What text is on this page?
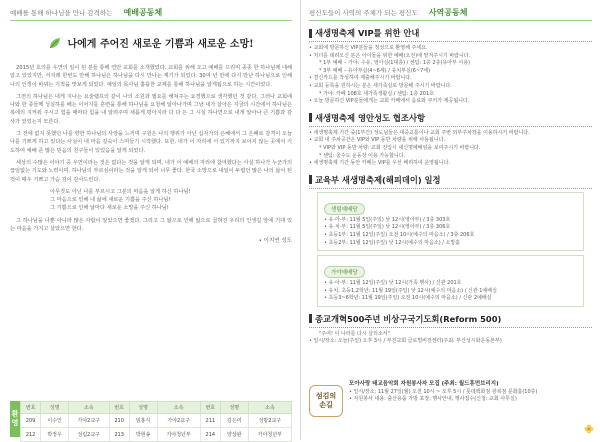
예배를 통해 하나님을 만나 감격하는
예배공동체
나에게 주어진 새로운 기쁨과 새로운 소망!

2015년 호의를 우연의 일이 된 분들 통해 연안 교회를 소개했었다. 교회를 위해 오고 예배를 드리며 종종 한 하나님께 대해 알고 있었지만, 서지레 한번도 만해 하나님은 하나님을 다시 만나는 계기가 되었다. 30여 년 만에 다시 만난 하나님으로 인해 나의 인생이 바뀌는 기적을 맛보게 되었다. 예일의 목사님 훌륭한 교제를 통해 하나님을 알게됨으로 하는 시간이었다.

그전의 하나님은 내게 지나는 요술램프의 같이 나의 소원과 필요를 해쳐주는 요경했으로 생각했던 것 같다. 그러나 교회에 나와 한 종들께 성실하를 배는 이어지를 훈련을 통해 하나님을 요청해 알아나가며 그냥 내가 살아온 지금의 시간에서 하나님은 복에의 지켜줘 주시고 힘을 때마다 힘을 내 알려주며 새롭게 평아지라 다 다 든 그 시실 하나면으로 내게 알아나 큰 기쁨과 감사가 있었는지 모른다.

그 전에 없지 못했던 나를 향한 하나님의 사랑을 느끼며 구원은 나의 행위가 아닌 십자가의 은혜에서 그 은혜로 감격이 오늘 나를 기쁘게 하고 있다는 사실이 내 마음 깊숙이 스며들기 시작했다. 또한, 내가 이 자리에 서 있기까지 보이지 않는 곳에서 기도하여 예배 준 많은 믿음의 친구들이 있었음을 알게 되었다.

세상의 수많은 이야기 중 우연이라는 것은 없다는 것을 알게 되며, 내가 이 예배의 자리에 참여했다는 사실 하나가 누군가의 끊임없는 기도와 노력이며, 하나님의 부르심이라는 것을 알게 되어 너무 좋다. 한국 소망으로 내일이 두렵던 많은 나의 삶이 된 것이 매우 기쁘고 가슴 깊이 감사드린다.

아무것도 아닌 나를 부르시고 그분의 마음을 알게 하신 하나님!

그 마음으로 인해 내 삶에 새로운 기쁨을 주신 하나님!

그 기쁨으로 인해 날마다 새로운 소망을 주신 하나님!

그 하나님을 나뿐 아니라 많은 사람이 알았으면 좋겠다. 그리고 그 앎으로 인해 앎으로 곱혀진 우리의 인생길 앞에 기대 있는 마음을 가지고 살았으면 한다.

• 이지연 성도
환
영
번호	성명	소속	번호	성명	소속	번호	성명	소속
209	이수인	가야2교구	210	임홍식	가야2교구	211	김은미	성방2교구
212	박정우	성림2교구	213	박현송	가야청년부	214	양상완	가야청년부
평신도들이 사역의 주체가 되는 평신도
사역공동체
새생명축제 VIP를 위한 안내
• 교회에 방문하신 VIP분들을 정성으로 환영해 주세요.
• 처녀를 데려오신 분은 아이들을 위한 예배(오전)에 맡겨주시기 바랍니다.
* 1부 예배 – 가야: 수유, 영아실(1대층) / 센텀: 1층 2층(유아부 이용)
* 3부 예배 – 유아부실(4~6세) / 유치부실(6~7세)
• 결신카드를 작성하여 제출해주시기 바랍니다.
• 교회 등록을 원하시는 분은 새가족실로 방문해 주시기 바랍니다.
* 가야: 카페 108호 새가족생활실 / 센텀: 1층 201호
• 오늘 방문하신 VIP분들에게는 교회 카페에서 음료와 쿠키가 제공됩니다.
새생명축제 영안성도 협조사항
• 새생명축제 기간 중(1부간) 성도님들은 대중교통이나 교회 주변 외부주차장을 이용하시기 바랍니다.
• 교회 내 주차공간은 VIP와 VIP 동반 차량을 위해 사용됩니다.
* VIP와 VIP 동반 차량: 교회 진입시 새신명예배임을 보여주시기 바랍니다.
* 센텀: 울수도 운동장 이용 가능합니다.
• 새생명축제 기간 동안 카페는 VIP를 우선 배려하여 운영됩니다.
교육부 새생명축제(해피데이) 일정
센텀예배당
• 유·아·부: 11월 5일(주일) 낮 12시(영아부) / 3층 303호
• 유·치·부: 11월 5일(주일) 낮 12시(영아부) / 3층 306호
• 초등1부: 11월 12일(주일) 오전 10시(예수의 마음소) / 3층 206호
• 초등2부: 11월 12일(주일) 낮 12시(예수의 마음소) / 소망홀
가야예배당
• 유·아·부: 11월 12일(주일) 낮 12시(가족 행사) / 신관 201호
• 유치, 초등1,2학년: 11월 19일(주일) 낮 12시(예수의 마음소) / 신관 1예배실
• 초등3~6학년: 11월 19일(주일) 오전 10시(예수의 마음소) / 신관 2예배실
종교개혁500주년 비상구국기도회(Reform 500)
"주여! 이 나라를 다시 살리소서"
• 일시/장소: 오늘(주일) 오후 3시 / 부전교회 글로벌비전센터(주최: 부산성시화운동본부)
섬김의
손길
모아사랑 태교음악회 자원봉사자 모집 (주최: 월드휴먼브리지)
• 일시/장소: 11월 27일(월) 오전 10시 ~ 오후 5시 / 롯데백화점 광복점 문화홀(10층)
• 자원봉사 내용: 출산용품 가방 포장, 행사안내, 행사접수(신청: 교회 사무실)
